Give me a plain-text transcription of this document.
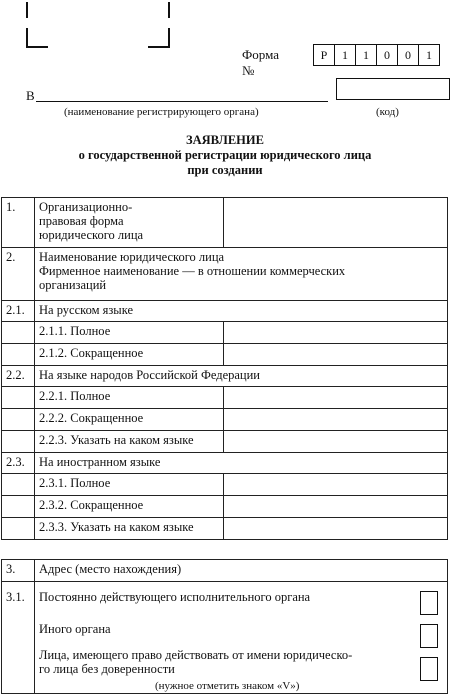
Форма №
Р	1	1	0	0	1
В
(наименование регистрирующего органа)	(код)
ЗАЯВЛЕНИЕ
о государственной регистрации юридического лица
при создании
1.	Организационно-
правовая форма
юридического лица	

2.	Наименование юридического лица
Фирменное наименование — в отношении коммерческих
организаций	

2.1.	На русском языке	
	2.1.1. Полное	
	2.1.2. Сокращенное	
2.2.	На языке народов Российской Федерации	
	2.2.1. Полное	
	2.2.2. Сокращенное	
	2.2.3. Указать на каком языке	
2.3.	На иностранном языке	
	2.3.1. Полное	
	2.3.2. Сокращенное	
	2.3.3. Указать на каком языке	
3.	Адрес (место нахождения)
3.1.	Постоянно действующего исполнительного органа
Иного органа
Лица, имеющего право действовать от имени юридическо-
го лица без доверенности
(нужное отметить знаком «V»)
